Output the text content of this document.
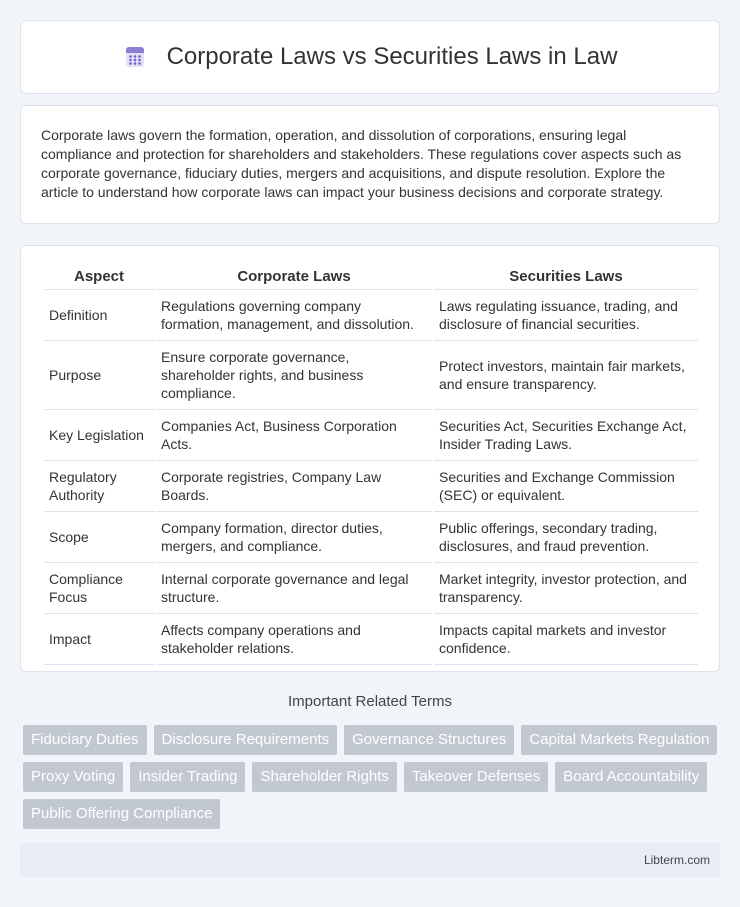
Corporate Laws vs Securities Laws in Law

Corporate laws govern the formation, operation, and dissolution of corporations, ensuring legal compliance and protection for shareholders and stakeholders. These regulations cover aspects such as corporate governance, fiduciary duties, mergers and acquisitions, and dispute resolution. Explore the article to understand how corporate laws can impact your business decisions and corporate strategy.

Aspect	Corporate Laws	Securities Laws
Definition	Regulations governing company formation, management, and dissolution.	Laws regulating issuance, trading, and disclosure of financial securities.
Purpose	Ensure corporate governance, shareholder rights, and business compliance.	Protect investors, maintain fair markets, and ensure transparency.
Key Legislation	Companies Act, Business Corporation Acts.	Securities Act, Securities Exchange Act, Insider Trading Laws.
Regulatory Authority	Corporate registries, Company Law Boards.	Securities and Exchange Commission (SEC) or equivalent.
Scope	Company formation, director duties, mergers, and compliance.	Public offerings, secondary trading, disclosures, and fraud prevention.
Compliance Focus	Internal corporate governance and legal structure.	Market integrity, investor protection, and transparency.
Impact	Affects company operations and stakeholder relations.	Impacts capital markets and investor confidence.
Important Related Terms
Fiduciary Duties	Disclosure Requirements	Governance Structures	Capital Markets Regulation
Proxy Voting	Insider Trading	Shareholder Rights	Takeover Defenses	Board Accountability
Public Offering Compliance
Libterm.com
